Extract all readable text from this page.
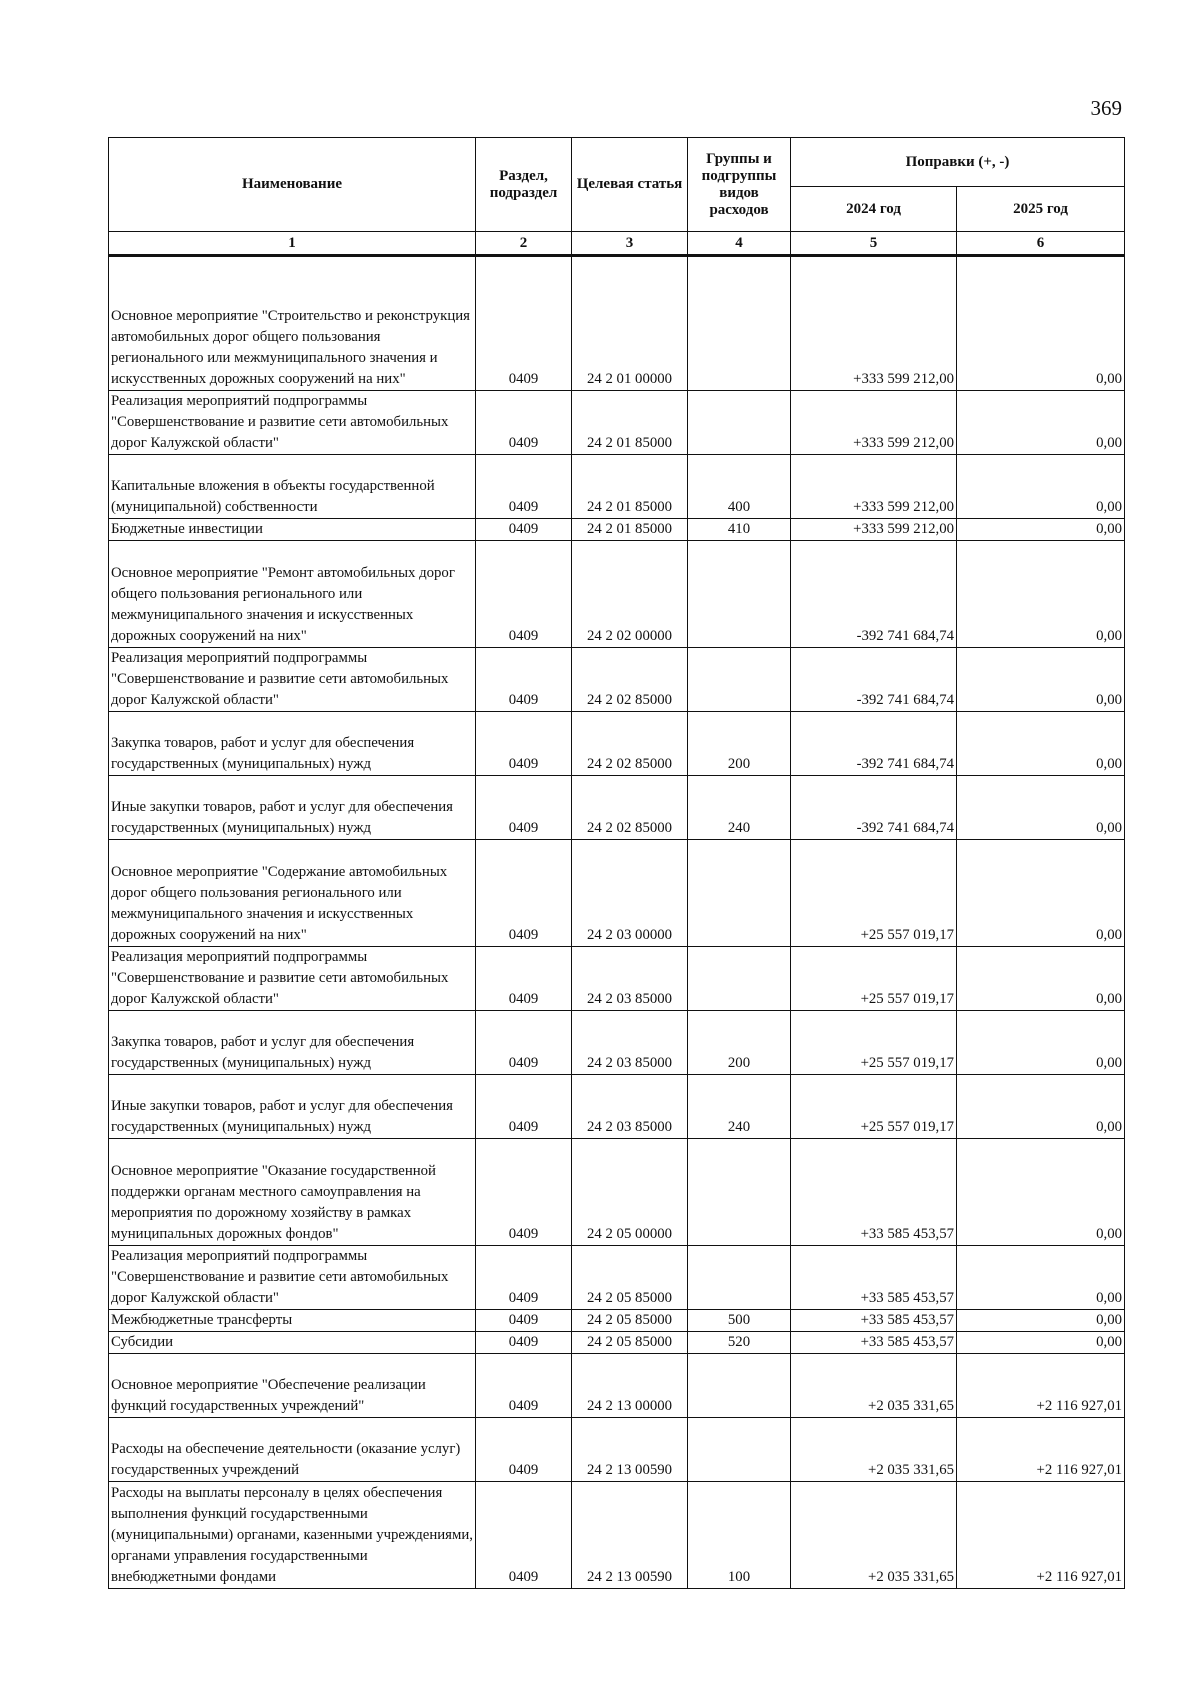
369
Наименование	Раздел, подраздел	Целевая статья	Группы и подгруппы видов расходов	Поправки (+, -)	
				2024 год	2025 год
1	2	3	4	5	6
Основное мероприятие "Строительство и реконструкция автомобильных дорог общего пользования регионального или межмуниципального значения и искусственных дорожных сооружений на них"	0409	24 2 01 00000		+333 599 212,00	0,00
Реализация мероприятий подпрограммы "Совершенствование и развитие сети автомобильных дорог Калужской области"	0409	24 2 01 85000		+333 599 212,00	0,00
Капитальные вложения в объекты государственной (муниципальной) собственности	0409	24 2 01 85000	400	+333 599 212,00	0,00
Бюджетные инвестиции	0409	24 2 01 85000	410	+333 599 212,00	0,00
Основное мероприятие "Ремонт автомобильных дорог общего пользования регионального или межмуниципального значения и искусственных дорожных сооружений на них"	0409	24 2 02 00000		-392 741 684,74	0,00
Реализация мероприятий подпрограммы "Совершенствование и развитие сети автомобильных дорог Калужской области"	0409	24 2 02 85000		-392 741 684,74	0,00
Закупка товаров, работ и услуг для обеспечения государственных (муниципальных) нужд	0409	24 2 02 85000	200	-392 741 684,74	0,00
Иные закупки товаров, работ и услуг для обеспечения государственных (муниципальных) нужд	0409	24 2 02 85000	240	-392 741 684,74	0,00
Основное мероприятие "Содержание автомобильных дорог общего пользования регионального или межмуниципального значения и искусственных дорожных сооружений на них"	0409	24 2 03 00000		+25 557 019,17	0,00
Реализация мероприятий подпрограммы "Совершенствование и развитие сети автомобильных дорог Калужской области"	0409	24 2 03 85000		+25 557 019,17	0,00
Закупка товаров, работ и услуг для обеспечения государственных (муниципальных) нужд	0409	24 2 03 85000	200	+25 557 019,17	0,00
Иные закупки товаров, работ и услуг для обеспечения государственных (муниципальных) нужд	0409	24 2 03 85000	240	+25 557 019,17	0,00
Основное мероприятие "Оказание государственной поддержки органам местного самоуправления на мероприятия по дорожному хозяйству в рамках муниципальных дорожных фондов"	0409	24 2 05 00000		+33 585 453,57	0,00
Реализация мероприятий подпрограммы "Совершенствование и развитие сети автомобильных дорог Калужской области"	0409	24 2 05 85000		+33 585 453,57	0,00
Межбюджетные трансферты	0409	24 2 05 85000	500	+33 585 453,57	0,00
Субсидии	0409	24 2 05 85000	520	+33 585 453,57	0,00
Основное мероприятие "Обеспечение реализации функций государственных учреждений"	0409	24 2 13 00000		+2 035 331,65	+2 116 927,01
Расходы на обеспечение деятельности (оказание услуг) государственных учреждений	0409	24 2 13 00590		+2 035 331,65	+2 116 927,01
Расходы на выплаты персоналу в целях обеспечения выполнения функций государственными (муниципальными) органами, казенными учреждениями, органами управления государственными внебюджетными фондами	0409	24 2 13 00590	100	+2 035 331,65	+2 116 927,01
